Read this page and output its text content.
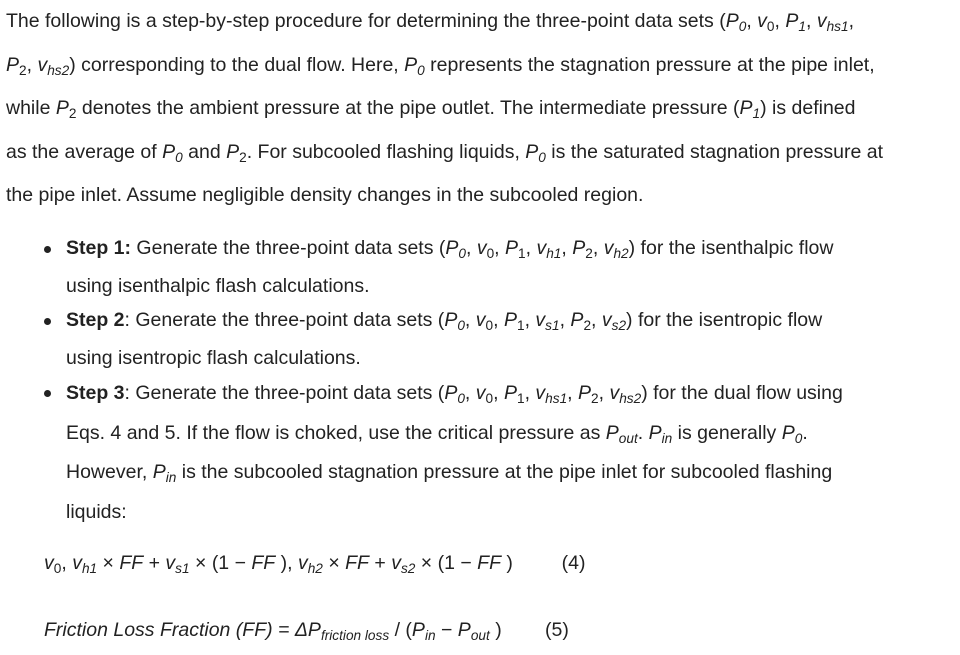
The following is a step-by-step procedure for determining the three-point data sets ($P_0$, $v_0$, $P_1$, $v_{hs1}$,
$P_2$, $v_{hs2}$) corresponding to the dual flow. Here, $P_0$ represents the stagnation pressure at the pipe inlet,
while $P_2$ denotes the ambient pressure at the pipe outlet. The intermediate pressure $(P_1)$ is defined
as the average of $P_0$ and $P_2$. For subcooled flashing liquids, $P_0$ is the saturated stagnation pressure at
the pipe inlet. Assume negligible density changes in the subcooled region.

Step 1: Generate the three-point data sets ($P_0$, $v_0$, $P_1$, $v_{h1}$, $P_2$, $v_{h2}$) for the isenthalpic flow
using isenthalpic flash calculations.
Step 2: Generate the three-point data sets ($P_0$, $v_0$, $P_1$, $v_{s1}$, $P_2$, $v_{s2}$) for the isentropic flow
using isentropic flash calculations.
Step 3: Generate the three-point data sets ($P_0$, $v_0$, $P_1$, $v_{hs1}$, $P_2$, $v_{hs2}$) for the dual flow using
Eqs. 4 and 5. If the flow is choked, use the critical pressure as $P_{out}$. $P_{in}$ is generally $P_0$.
However, $P_{in}$ is the subcooled stagnation pressure at the pipe inlet for subcooled flashing
liquids:
$v_0$, $v_{h1}$ × FF + $v_{s1} \times (1$ − FF ), $v_{h2}$ × FF + $v_{s2} \times (1$ − FF )         (4)
Friction Loss Fraction $(FF) = \Delta P_{friction loss} / (P_{in} - P_{out}$ )        (5)
